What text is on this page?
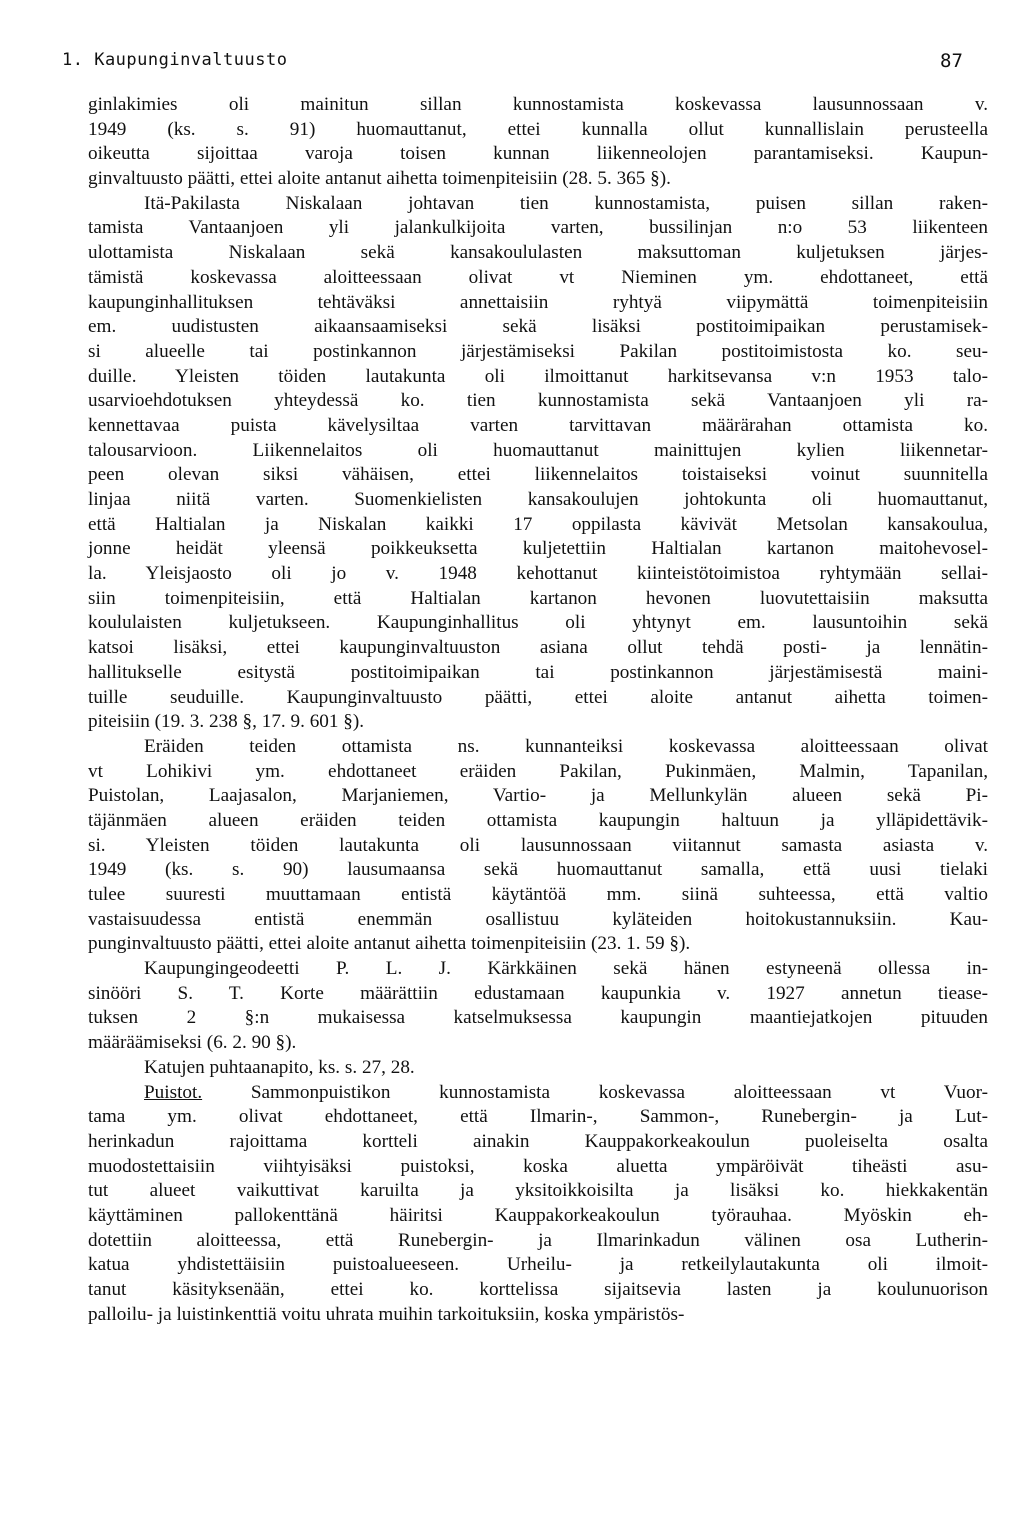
1. Kaupunginvaltuusto	87
ginlakimies oli mainitun sillan kunnostamista koskevassa lausunnossaan v.
1949 (ks. s. 91) huomauttanut, ettei kunnalla ollut kunnallislain perusteella
oikeutta sijoittaa varoja toisen kunnan liikenneolojen parantamiseksi. Kaupun-
ginvaltuusto päätti, ettei aloite antanut aihetta toimenpiteisiin (28. 5. 365 §).
Itä-Pakilasta Niskalaan johtavan tien kunnostamista, puisen sillan raken-
tamista Vantaanjoen yli jalankulkijoita varten, bussilinjan n:o 53 liikenteen
ulottamista Niskalaan sekä kansakoululasten maksuttoman kuljetuksen järjes-
tämistä koskevassa aloitteessaan olivat vt Nieminen ym. ehdottaneet, että
kaupunginhallituksen tehtäväksi annettaisiin ryhtyä viipymättä toimenpiteisiin
em. uudistusten aikaansaamiseksi sekä lisäksi postitoimipaikan perustamisek-
si alueelle tai postinkannon järjestämiseksi Pakilan postitoimistosta ko. seu-
duille. Yleisten töiden lautakunta oli ilmoittanut harkitsevansa v:n 1953 talo-
usarvioehdotuksen yhteydessä ko. tien kunnostamista sekä Vantaanjoen yli ra-
kennettavaa puista kävelysiltaa varten tarvittavan määrärahan ottamista ko.
talousarvioon. Liikennelaitos oli huomauttanut mainittujen kylien liikennetar-
peen olevan siksi vähäisen, ettei liikennelaitos toistaiseksi voinut suunnitella
linjaa niitä varten. Suomenkielisten kansakoulujen johtokunta oli huomauttanut,
että Haltialan ja Niskalan kaikki 17 oppilasta kävivät Metsolan kansakoulua,
jonne heidät yleensä poikkeuksetta kuljetettiin Haltialan kartanon maitohevosel-
la. Yleisjaosto oli jo v. 1948 kehottanut kiinteistötoimistoa ryhtymään sellai-
siin toimenpiteisiin, että Haltialan kartanon hevonen luovutettaisiin maksutta
koululaisten kuljetukseen. Kaupunginhallitus oli yhtynyt em. lausuntoihin sekä
katsoi lisäksi, ettei kaupunginvaltuuston asiana ollut tehdä posti- ja lennätin-
hallitukselle esitystä postitoimipaikan tai postinkannon järjestämisestä maini-
tuille seuduille. Kaupunginvaltuusto päätti, ettei aloite antanut aihetta toimen-
piteisiin (19. 3. 238 §, 17. 9. 601 §).
Eräiden teiden ottamista ns. kunnanteiksi koskevassa aloitteessaan olivat
vt Lohikivi ym. ehdottaneet eräiden Pakilan, Pukinmäen, Malmin, Tapanilan,
Puistolan, Laajasalon, Marjaniemen, Vartio- ja Mellunkylän alueen sekä Pi-
täjänmäen alueen eräiden teiden ottamista kaupungin haltuun ja ylläpidettävik-
si. Yleisten töiden lautakunta oli lausunnossaan viitannut samasta asiasta v.
1949 (ks. s. 90) lausumaansa sekä huomauttanut samalla, että uusi tielaki
tulee suuresti muuttamaan entistä käytäntöä mm. siinä suhteessa, että valtio
vastaisuudessa entistä enemmän osallistuu kyläteiden hoitokustannuksiin. Kau-
punginvaltuusto päätti, ettei aloite antanut aihetta toimenpiteisiin (23. 1. 59 §).
Kaupungingeodeetti P. L. J. Kärkkäinen sekä hänen estyneenä ollessa in-
sinööri S. T. Korte määrättiin edustamaan kaupunkia v. 1927 annetun tiease-
tuksen 2 §:n mukaisessa katselmuksessa kaupungin maantiejatkojen pituuden
määräämiseksi (6. 2. 90 §).
Katujen puhtaanapito, ks. s. 27, 28.
Puistot. Sammonpuistikon kunnostamista koskevassa aloitteessaan vt Vuor-
tama ym. olivat ehdottaneet, että Ilmarin-, Sammon-, Runebergin- ja Lut-
herinkadun rajoittama kortteli ainakin Kauppakorkeakoulun puoleiselta osalta
muodostettaisiin viihtyisäksi puistoksi, koska aluetta ympäröivät tiheästi asu-
tut alueet vaikuttivat karuilta ja yksitoikkoisilta ja lisäksi ko. hiekkakentän
käyttäminen pallokenttänä häiritsi Kauppakorkeakoulun työrauhaa. Myöskin eh-
dotettiin aloitteessa, että Runebergin- ja Ilmarinkadun välinen osa Lutherin-
katua yhdistettäisiin puistoalueeseen. Urheilu- ja retkeilylautakunta oli ilmoit-
tanut käsityksenään, ettei ko. korttelissa sijaitsevia lasten ja koulunuorison
palloilu- ja luistinkenttiä voitu uhrata muihin tarkoituksiin, koska ympäristös-
